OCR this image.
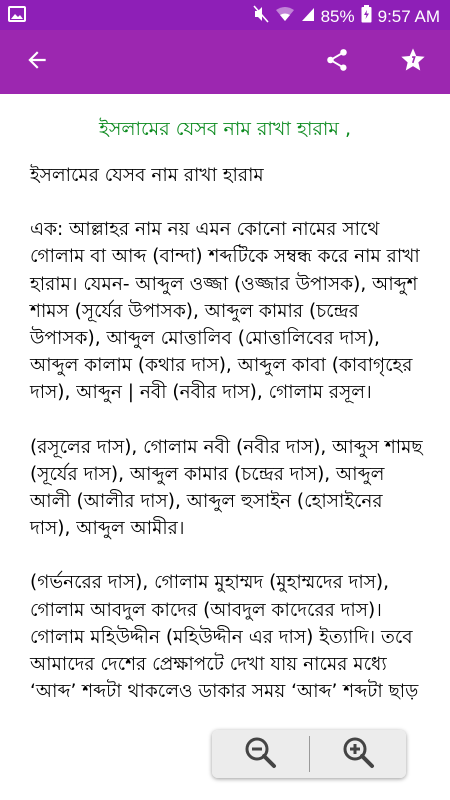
85% 9:57 AM
ইসলামের যেসব নাম রাখা হারাম ,

ইসলামের যেসব নাম রাখা হারাম

এক: আল্লাহর নাম নয় এমন কোনো নামের সাথে গোলাম বা আব্দ (বান্দা) শব্দটিকে সম্বন্ধ করে নাম রাখা হারাম। যেমন- আব্দুল ওজ্জা (ওজ্জার উপাসক), আব্দুশ শামস (সূর্যের উপাসক), আব্দুল কামার (চন্দ্রের উপাসক), আব্দুল মোত্তালিব (মোত্তালিবের দাস), আব্দুল কালাম (কথার দাস), আব্দুল কাবা (কাবাগৃহের দাস), আব্দুন | নবী (নবীর দাস), গোলাম রসূল।

(রসূলের দাস), গোলাম নবী (নবীর দাস), আব্দুস শামছ (সূর্যের দাস), আব্দুল কামার (চন্দ্রের দাস), আব্দুল আলী (আলীর দাস), আব্দুল হুসাইন (হোসাইনের দাস), আব্দুল আমীর।

(গর্ভনরের দাস), গোলাম মুহাম্মদ (মুহাম্মদের দাস), গোলাম আবদুল কাদের (আবদুল কাদেরের দাস)। গোলাম মহিউদ্দীন (মহিউদ্দীন এর দাস) ইত্যাদি। তবে আমাদের দেশের প্রেক্ষাপটে দেখা যায় নামের মধ্যে ‘আব্দ’ শব্দটা থাকলেও ডাকার সময় ‘আব্দ’ শব্দটা ছাড়
